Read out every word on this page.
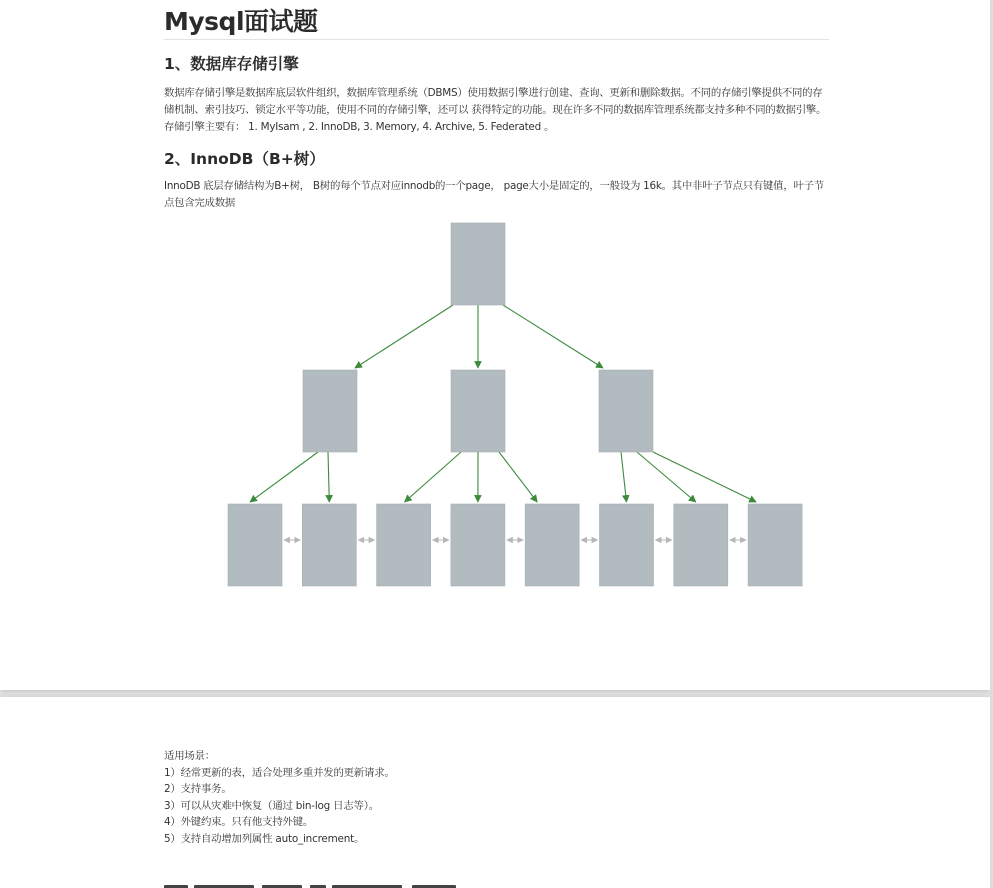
Mysql面试题
1、数据库存储引擎

数据库存储引擎是数据库底层软件组织，数据库管理系统（DBMS）使用数据引擎进行创建、查询、更新和删除数据。不同的存储引擎提供不同的存储机制、索引技巧、锁定水平等功能，使用不同的存储引擎，还可以 获得特定的功能。现在许多不同的数据库管理系统都支持多种不同的数据引擎。存储引擎主要有： 1. MyIsam , 2. InnoDB, 3. Memory, 4. Archive, 5. Federated 。

2、InnoDB（B+树）

InnoDB 底层存储结构为B+树， B树的每个节点对应innodb的一个page， page大小是固定的，一般设为 16k。其中非叶子节点只有键值，叶子节点包含完成数据

适用场景：
1）经常更新的表，适合处理多重并发的更新请求。
2）支持事务。
3）可以从灾难中恢复（通过 bin-log 日志等）。
4）外键约束。只有他支持外键。
5）支持自动增加列属性 auto_increment。
